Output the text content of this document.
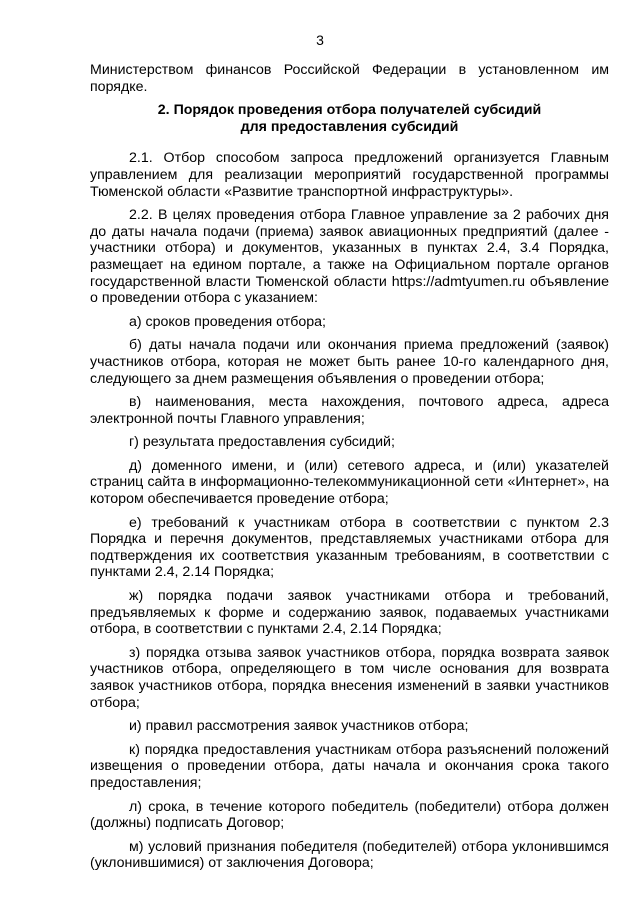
3

Министерством финансов Российской Федерации в установленном им порядке.

2. Порядок проведения отбора получателей субсидий
для предоставления субсидий

2.1. Отбор способом запроса предложений организуется Главным управлением для реализации мероприятий государственной программы Тюменской области «Развитие транспортной инфраструктуры».

2.2. В целях проведения отбора Главное управление за 2 рабочих дня до даты начала подачи (приема) заявок авиационных предприятий (далее - участники отбора) и документов, указанных в пунктах 2.4, 3.4 Порядка, размещает на едином портале, а также на Официальном портале органов государственной власти Тюменской области https://admtyumen.ru объявление о проведении отбора с указанием:

а) сроков проведения отбора;

б) даты начала подачи или окончания приема предложений (заявок) участников отбора, которая не может быть ранее 10-го календарного дня, следующего за днем размещения объявления о проведении отбора;

в) наименования, места нахождения, почтового адреса, адреса электронной почты Главного управления;

г) результата предоставления субсидий;

д) доменного имени, и (или) сетевого адреса, и (или) указателей страниц сайта в информационно-телекоммуникационной сети «Интернет», на котором обеспечивается проведение отбора;

е) требований к участникам отбора в соответствии с пунктом 2.3 Порядка и перечня документов, представляемых участниками отбора для подтверждения их соответствия указанным требованиям, в соответствии с пунктами 2.4, 2.14 Порядка;

ж) порядка подачи заявок участниками отбора и требований, предъявляемых к форме и содержанию заявок, подаваемых участниками отбора, в соответствии с пунктами 2.4, 2.14 Порядка;

з) порядка отзыва заявок участников отбора, порядка возврата заявок участников отбора, определяющего в том числе основания для возврата заявок участников отбора, порядка внесения изменений в заявки участников отбора;

и) правил рассмотрения заявок участников отбора;

к) порядка предоставления участникам отбора разъяснений положений извещения о проведении отбора, даты начала и окончания срока такого предоставления;

л) срока, в течение которого победитель (победители) отбора должен (должны) подписать Договор;

м) условий признания победителя (победителей) отбора уклонившимся (уклонившимися) от заключения Договора;
